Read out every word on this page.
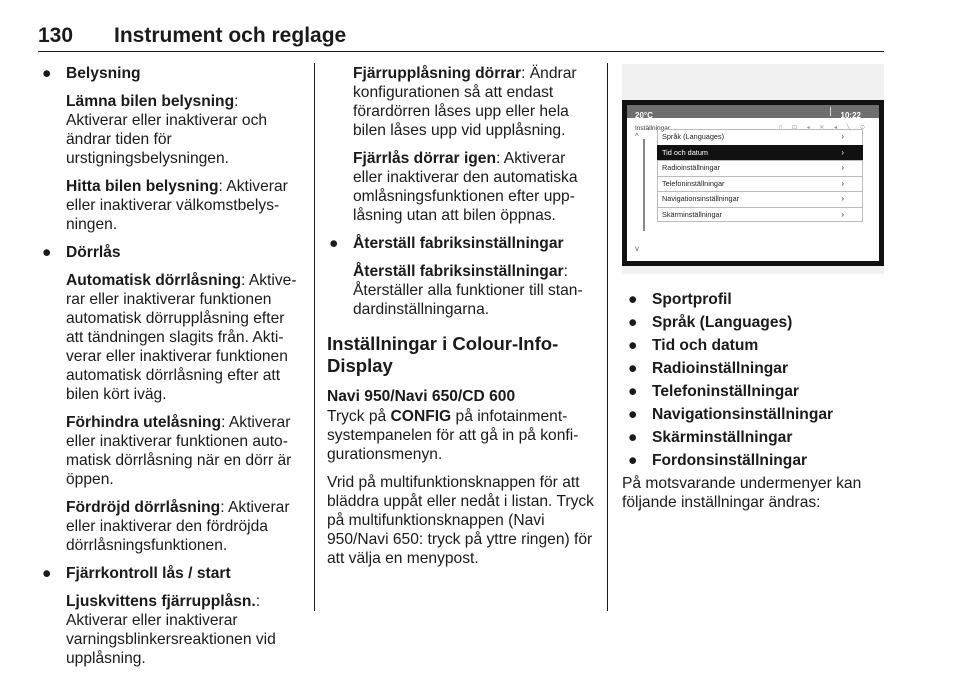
130 Instrument och reglage
● Belysning
Lämna bilen belysning: Aktiverar eller inaktiverar och ändrar tiden för urstigningsbelysningen.
Hitta bilen belysning: Aktiverar eller inaktiverar välkomstbelysningen.
● Dörrlås
Automatisk dörrlåsning: Aktiverar eller inaktiverar funktionen automatisk dörrupplåsning efter att tändningen slagits från. Aktiverar eller inaktiverar funktionen automatisk dörrlåsning efter att bilen kört iväg.
Förhindra utelåsning: Aktiverar eller inaktiverar funktionen automatisk dörrlåsning när en dörr är öppen.
Fördröjd dörrlåsning: Aktiverar eller inaktiverar den fördröjda dörrlåsningsfunktionen.
● Fjärrkontroll lås / start
Ljuskvittens fjärrupplåsn.: Aktiverar eller inaktiverar varningsblinkersreaktionen vid upplåsning.
Fjärrupplåsning dörrar: Ändrar konfigurationen så att endast förardörren låses upp eller hela bilen låses upp vid upplåsning.
Fjärrlås dörrar igen: Aktiverar eller inaktiverar den automatiska omlåsningsfunktionen efter upplåsning utan att bilen öppnas.
● Återställ fabriksinställningar
Återställ fabriksinställningar: Återställer alla funktioner till standardinställningarna.
Inställningar i Colour-Info-Display
Navi 950/Navi 650/CD 600
Tryck på CONFIG på infotainmentsystempanelen för att gå in på konfigurationsmenyn.
Vrid på multifunktionsknappen för att bläddra uppåt eller nedåt i listan. Tryck på multifunktionsknappen (Navi 950/Navi 650: tryck på yttre ringen) för att välja en menypost.
20°C	10:22
Inställningar	▯ ⊡ ◂ ✕ ◂ ╲ ⊙
^
v
Språk (Languages)	›
Tid och datum	›
Radioinställningar	›
Telefoninställningar	›
Navigationsinställningar	›
Skärminställningar	›
● Sportprofil
● Språk (Languages)
● Tid och datum
● Radioinställningar
● Telefoninställningar
● Navigationsinställningar
● Skärminställningar
● Fordonsinställningar
På motsvarande undermenyer kan följande inställningar ändras:
